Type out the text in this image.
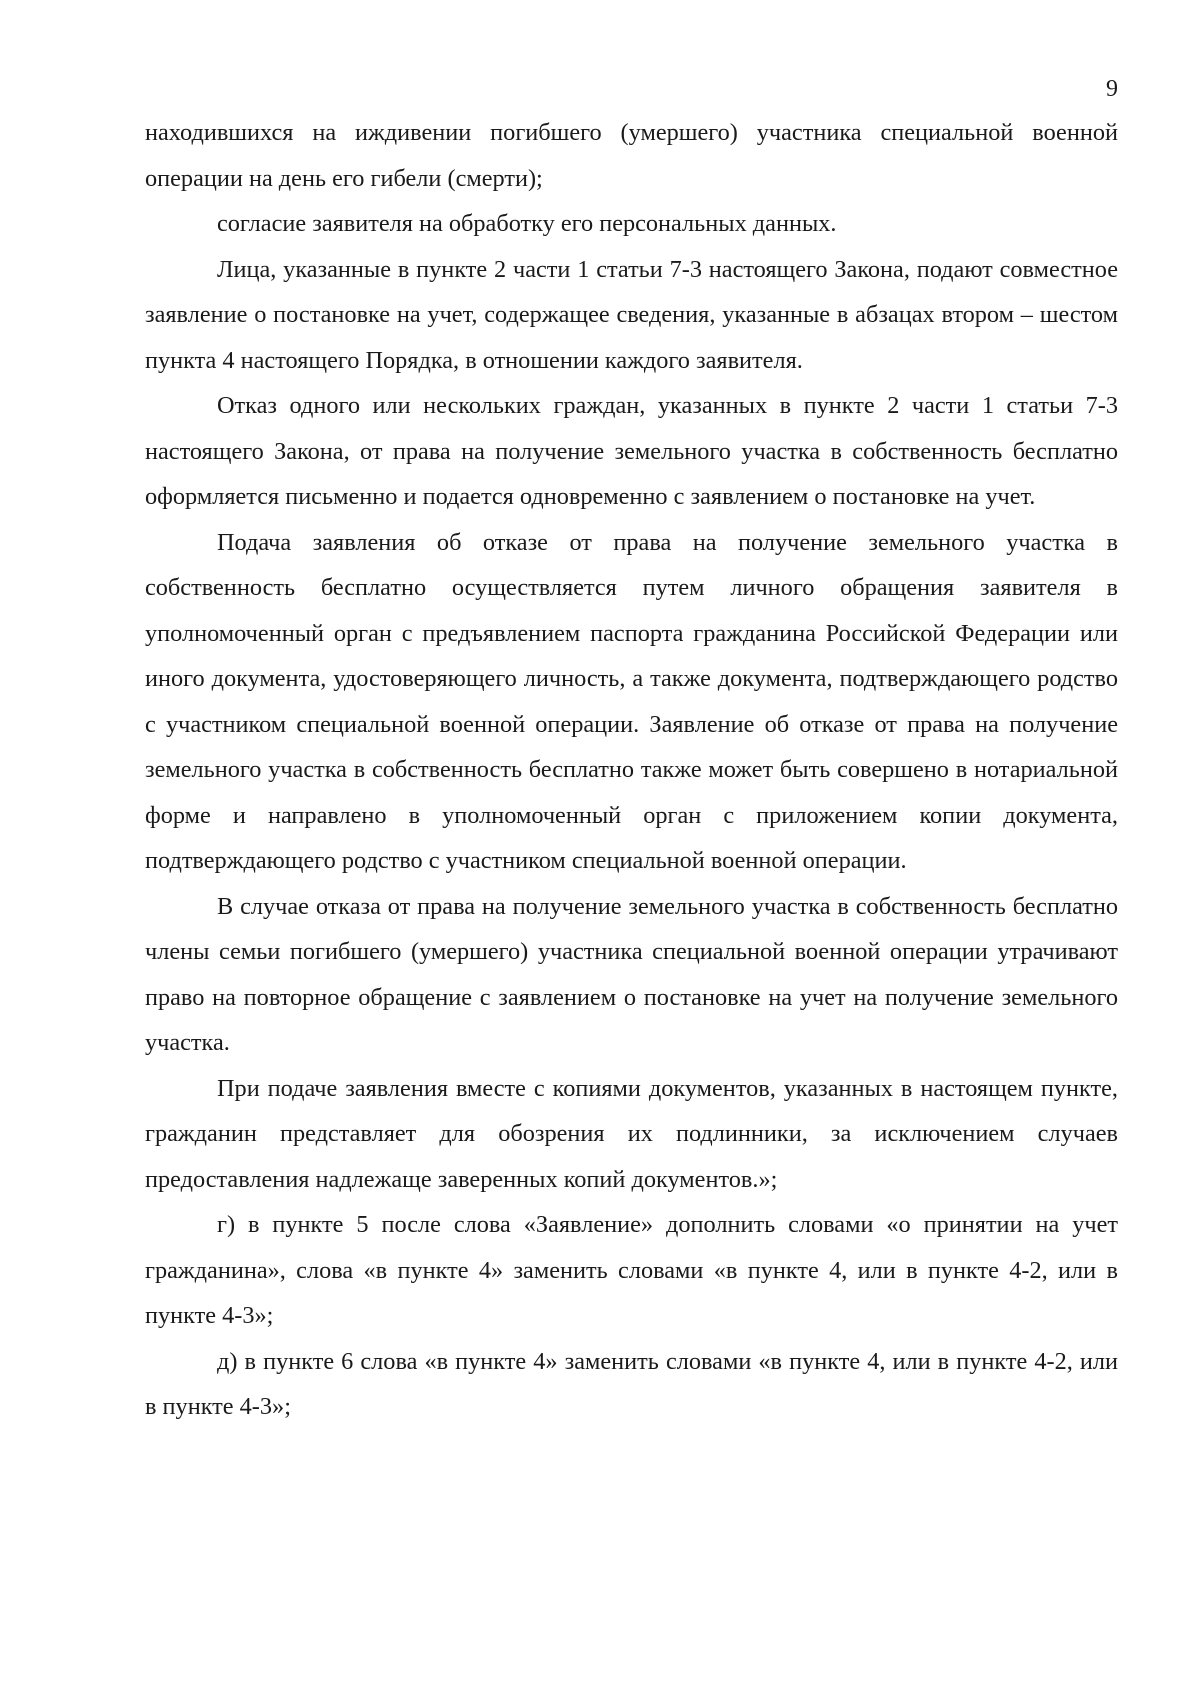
9

находившихся на иждивении погибшего (умершего) участника специальной военной операции на день его гибели (смерти);

согласие заявителя на обработку его персональных данных.

Лица, указанные в пункте 2 части 1 статьи 7-3 настоящего Закона, подают совместное заявление о постановке на учет, содержащее сведения, указанные в абзацах втором – шестом пункта 4 настоящего Порядка, в отношении каждого заявителя.

Отказ одного или нескольких граждан, указанных в пункте 2 части 1 статьи 7-3 настоящего Закона, от права на получение земельного участка в собственность бесплатно оформляется письменно и подается одновременно с заявлением о постановке на учет.

Подача заявления об отказе от права на получение земельного участка в собственность бесплатно осуществляется путем личного обращения заявителя в уполномоченный орган с предъявлением паспорта гражданина Российской Федерации или иного документа, удостоверяющего личность, а также документа, подтверждающего родство с участником специальной военной операции. Заявление об отказе от права на получение земельного участка в собственность бесплатно также может быть совершено в нотариальной форме и направлено в уполномоченный орган с приложением копии документа, подтверждающего родство с участником специальной военной операции.

В случае отказа от права на получение земельного участка в собственность бесплатно члены семьи погибшего (умершего) участника специальной военной операции утрачивают право на повторное обращение с заявлением о постановке на учет на получение земельного участка.

При подаче заявления вместе с копиями документов, указанных в настоящем пункте, гражданин представляет для обозрения их подлинники, за исключением случаев предоставления надлежаще заверенных копий документов.»;

г) в пункте 5 после слова «Заявление» дополнить словами «о принятии на учет гражданина», слова «в пункте 4» заменить словами «в пункте 4, или в пункте 4-2, или в пункте 4-3»;

д) в пункте 6 слова «в пункте 4» заменить словами «в пункте 4, или в пункте 4-2, или в пункте 4-3»;
